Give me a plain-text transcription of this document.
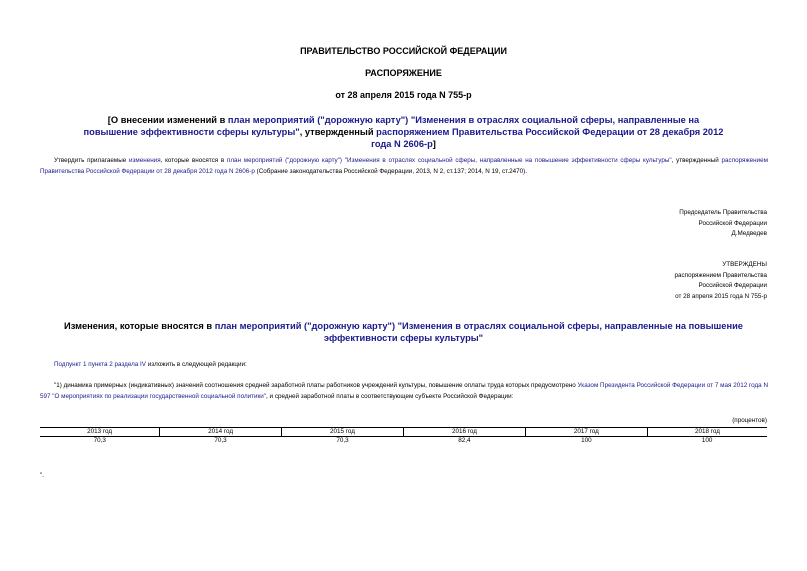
ПРАВИТЕЛЬСТВО РОССИЙСКОЙ ФЕДЕРАЦИИ
РАСПОРЯЖЕНИЕ
от 28 апреля 2015 года N 755-р
[О внесении изменений в план мероприятий ("дорожную карту") "Изменения в отраслях социальной сферы, направленные на повышение эффективности сферы культуры", утвержденный распоряжением Правительства Российской Федерации от 28 декабря 2012 года N 2606-р]
Утвердить прилагаемые изменения, которые вносятся в план мероприятий ("дорожную карту") "Изменения в отраслях социальной сферы, направленные на повышение эффективности сферы культуры", утвержденный распоряжением Правительства Российской Федерации от 28 декабря 2012 года N 2606-р (Собрание законодательства Российской Федерации, 2013, N 2, ст.137; 2014, N 19, ст.2470).
Председатель Правительства
Российской Федерации
Д.Медведев
УТВЕРЖДЕНЫ
распоряжением Правительства
Российской Федерации
от 28 апреля 2015 года N 755-р
Изменения, которые вносятся в план мероприятий ("дорожную карту") "Изменения в отраслях социальной сферы, направленные на повышение эффективности сферы культуры"
Подпункт 1 пункта 2 раздела IV изложить в следующей редакции:
"1) динамика примерных (индикативных) значений соотношения средней заработной платы работников учреждений культуры, повышение оплаты труда которых предусмотрено Указом Президента Российской Федерации от 7 мая 2012 года N 597 "О мероприятиях по реализации государственной социальной политики", и средней заработной платы в соответствующем субъекте Российской Федерации:
(процентов)
2013 год	2014 год	2015 год	2016 год	2017 год	2018 год
70,3	70,3	70,3	82,4	100	100
".
